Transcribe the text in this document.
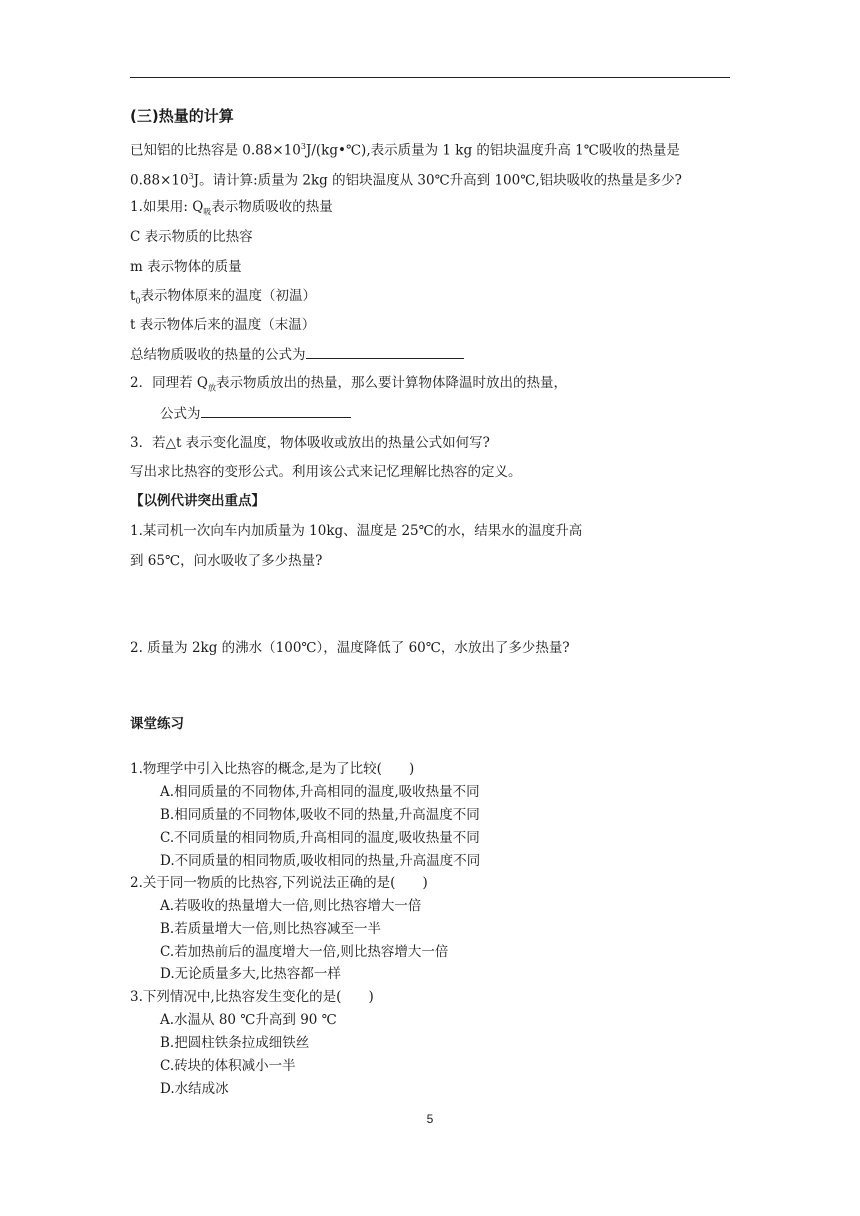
(三)热量的计算
已知铝的比热容是 $0.88\times 10^3J/(kg•℃)$,表示质量为 1 kg 的铝块温度升高 1℃吸收的热量是
$0.88\times 10^3J$。请计算:质量为 2kg 的铝块温度从 30℃升高到 100℃,铝块吸收的热量是多少?
1.如果用: $Q_吸$表示物质吸收的热量
C 表示物质的比热容
m 表示物体的质量
$t_0$表示物体原来的温度（初温）
t 表示物体后来的温度（末温）
总结物质吸收的热量的公式为
2．同理若 $Q_放$表示物质放出的热量，那么要计算物体降温时放出的热量，
公式为
3．若△t 表示变化温度，物体吸收或放出的热量公式如何写?
写出求比热容的变形公式。利用该公式来记忆理解比热容的定义。
【以例代讲突出重点】
1.某司机一次向车内加质量为 10kg、温度是 25℃的水，结果水的温度升高
到 65℃，问水吸收了多少热量?
2. 质量为 2kg 的沸水（100℃），温度降低了 60℃，水放出了多少热量?
课堂练习
1.物理学中引入比热容的概念,是为了比较(　　)
A.相同质量的不同物体,升高相同的温度,吸收热量不同
B.相同质量的不同物体,吸收不同的热量,升高温度不同
C.不同质量的相同物质,升高相同的温度,吸收热量不同
D.不同质量的相同物质,吸收相同的热量,升高温度不同
2.关于同一物质的比热容,下列说法正确的是(　　)
A.若吸收的热量增大一倍,则比热容增大一倍
B.若质量增大一倍,则比热容减至一半
C.若加热前后的温度增大一倍,则比热容增大一倍
D.无论质量多大,比热容都一样
3.下列情况中,比热容发生变化的是(　　)
A.水温从 80 ℃升高到 90 ℃
B.把圆柱铁条拉成细铁丝
C.砖块的体积减小一半
D.水结成冰
5
